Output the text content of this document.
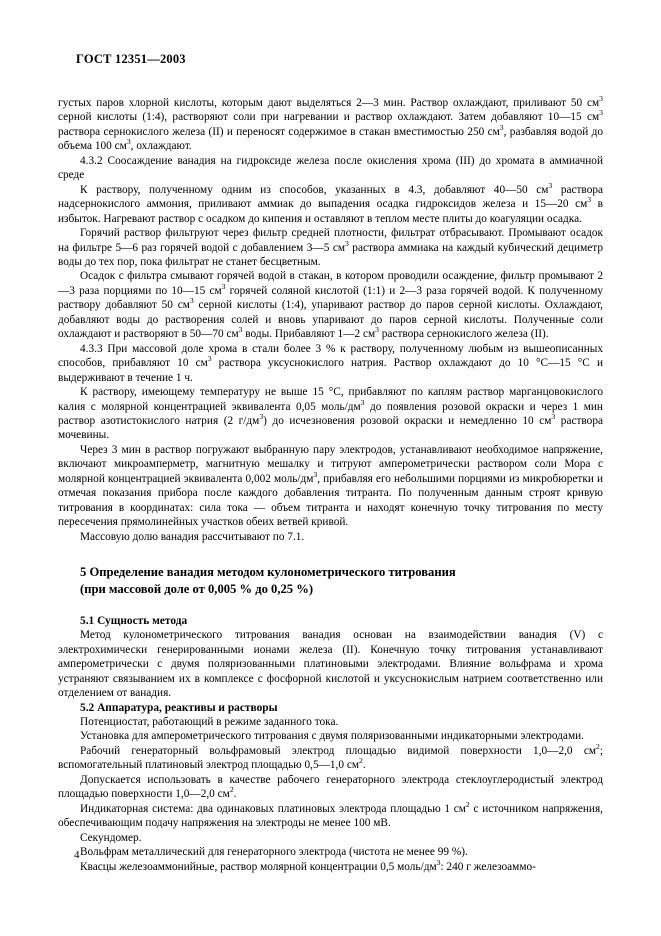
ГОСТ 12351—2003

густых паров хлорной кислоты, которым дают выделяться 2—3 мин. Раствор охлаждают, приливают 50 $см^3$ серной кислоты (1:4), растворяют соли при нагревании и раствор охлаждают. Затем добавляют 10—15 $см^3$ раствора сернокислого железа (II) и переносят содержимое в стакан вместимостью 250 $см^3$, разбавляя водой до объема 100 $см^3$, охлаждают.

4.3.2 Соосаждение ванадия на гидроксиде железа после окисления хрома (III) до хромата в аммиачной среде

К раствору, полученному одним из способов, указанных в 4.3, добавляют 40—50 $см^3$ раствора надсернокислого аммония, приливают аммиак до выпадения осадка гидроксидов железа и 15—20 $см^3$ в избыток. Нагревают раствор с осадком до кипения и оставляют в теплом месте плиты до коагуляции осадка.

Горячий раствор фильтруют через фильтр средней плотности, фильтрат отбрасывают. Промывают осадок на фильтре 5—6 раз горячей водой с добавлением 3—5 $см^3$ раствора аммиака на каждый кубический дециметр воды до тех пор, пока фильтрат не станет бесцветным.

Осадок с фильтра смывают горячей водой в стакан, в котором проводили осаждение, фильтр промывают 2—3 раза порциями по 10—15 $см^3$ горячей соляной кислотой (1:1) и 2—3 раза горячей водой. К полученному раствору добавляют 50 $см^3$ серной кислоты (1:4), упаривают раствор до паров серной кислоты. Охлаждают, добавляют воды до растворения солей и вновь упаривают до паров серной кислоты. Полученные соли охлаждают и растворяют в 50—70 $см^3$ воды. Прибавляют 1—2 $см^3$ раствора сернокислого железа (II).

4.3.3 При массовой доле хрома в стали более 3 % к раствору, полученному любым из вышеописанных способов, прибавляют 10 $см^3$ раствора уксуснокислого натрия. Раствор охлаждают до 10 °С—15 °С и выдерживают в течение 1 ч.

К раствору, имеющему температуру не выше 15 °С, прибавляют по каплям раствор марганцовокислого калия с молярной концентрацией эквивалента 0,05 моль/$дм^3$ до появления розовой окраски и через 1 мин раствор азотистокислого натрия (2 $г/дм^3$) до исчезновения розовой окраски и немедленно 10 $см^3$ раствора мочевины.

Через 3 мин в раствор погружают выбранную пару электродов, устанавливают необходимое напряжение, включают микроамперметр, магнитную мешалку и титруют амперометрически раствором соли Мора с молярной концентрацией эквивалента 0,002 моль/$дм^3$, прибавляя его небольшими порциями из микробюретки и отмечая показания прибора после каждого добавления титранта. По полученным данным строят кривую титрования в координатах: сила тока — объем титранта и находят конечную точку титрования по месту пересечения прямолинейных участков обеих ветвей кривой.

Массовую долю ванадия рассчитывают по 7.1.

5 Определение ванадия методом кулонометрического титрования
(при массовой доле от 0,005 % до 0,25 %)
5.1 Сущность метода

Метод кулонометрического титрования ванадия основан на взаимодействии ванадия (V) с электрохимически генерированными ионами железа (II). Конечную точку титрования устанавливают амперометрически с двумя поляризованными платиновыми электродами. Влияние вольфрама и хрома устраняют связыванием их в комплексе с фосфорной кислотой и уксуснокислым натрием соответственно или отделением от ванадия.

5.2 Аппаратура, реактивы и растворы

Потенциостат, работающий в режиме заданного тока.

Установка для амперометрического титрования с двумя поляризованными индикаторными электродами.

Рабочий генераторный вольфрамовый электрод площадью видимой поверхности 1,0—2,0 $см^2$; вспомогательный платиновый электрод площадью 0,5—1,0 $см^2$.

Допускается использовать в качестве рабочего генераторного электрода стеклоуглеродистый электрод площадью поверхности 1,0—2,0 $см^2$.

Индикаторная система: два одинаковых платиновых электрода площадью 1 $см^2$ с источником напряжения, обеспечивающим подачу напряжения на электроды не менее 100 мВ.

Секундомер.

Вольфрам металлический для генераторного электрода (чистота не менее 99 %).

Квасцы железоаммонийные, раствор молярной концентрации 0,5 моль/$дм^3$: 240 г железоаммо-

4
